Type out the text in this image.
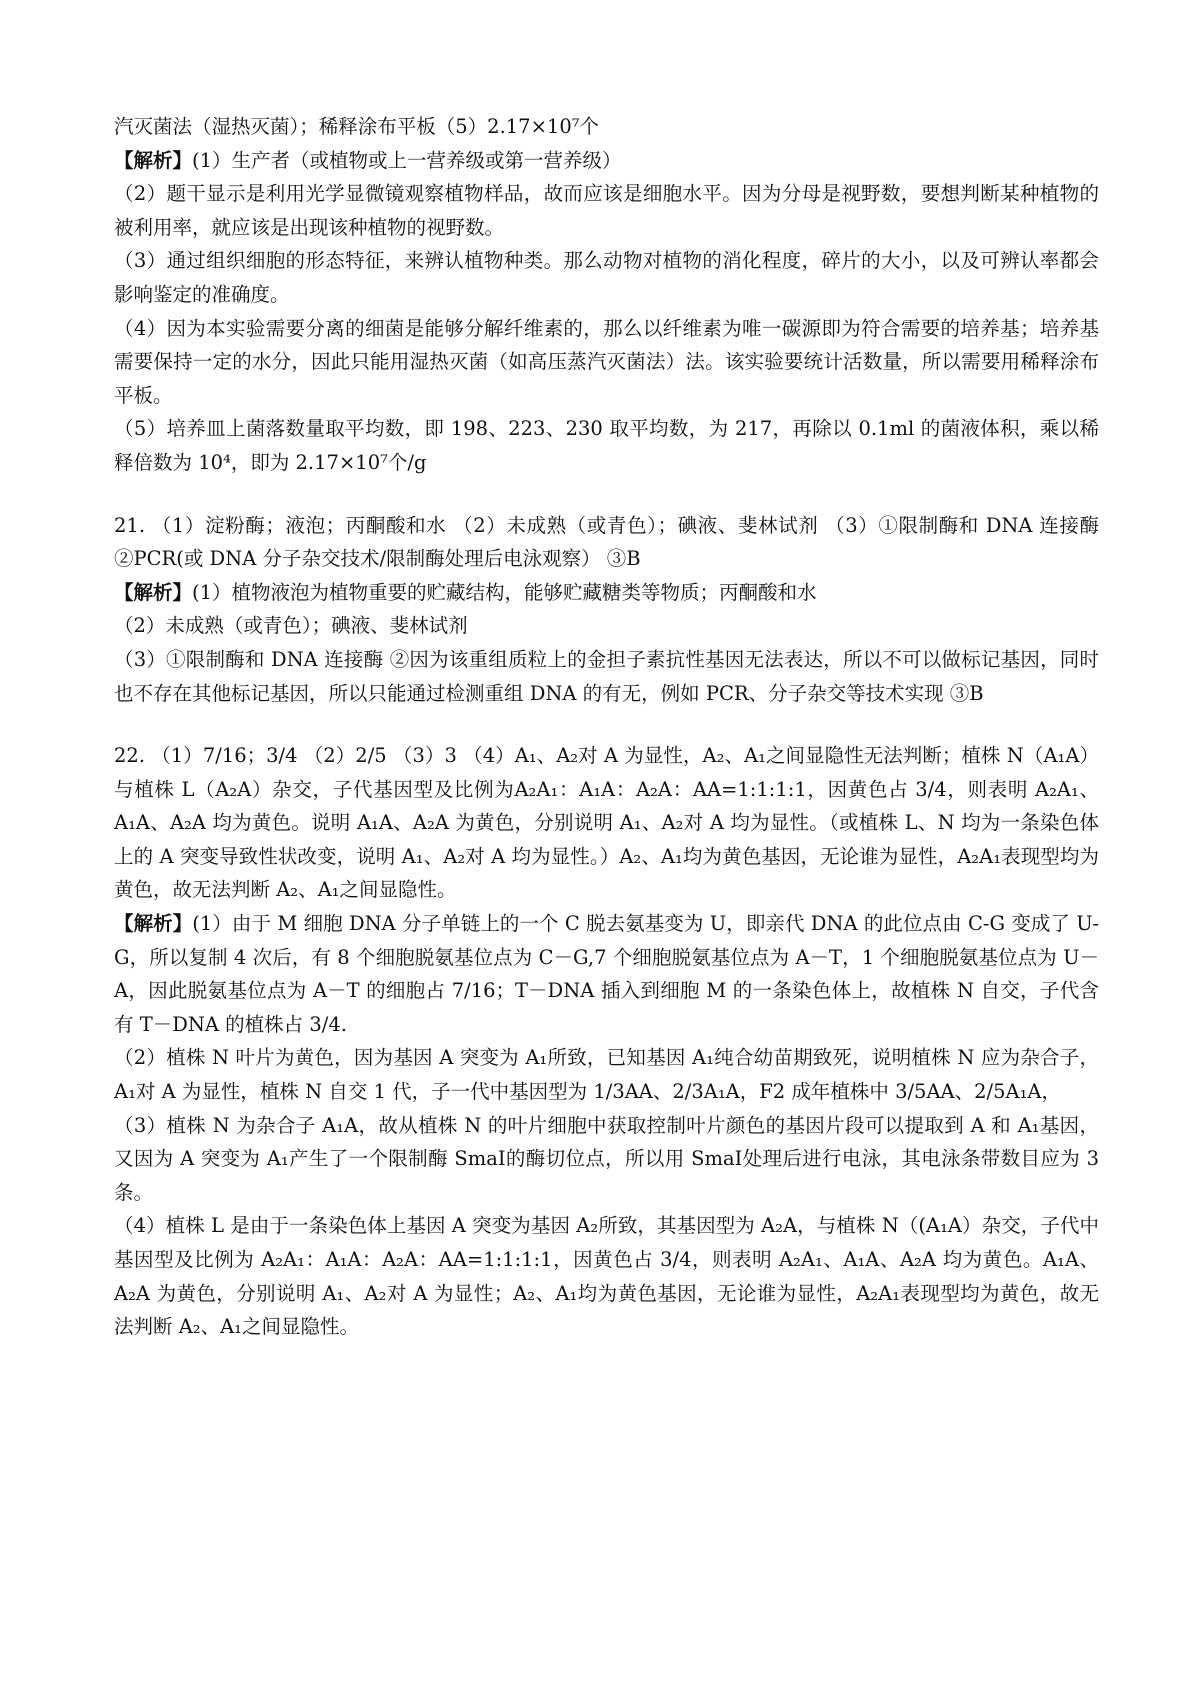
汽灭菌法（湿热灭菌）；稀释涂布平板（5）2.17×10⁷个

【解析】(1）生产者（或植物或上一营养级或第一营养级）

（2）题干显示是利用光学显微镜观察植物样品，故而应该是细胞水平。因为分母是视野数，要想判断某种植物的被利用率，就应该是出现该种植物的视野数。

（3）通过组织细胞的形态特征，来辨认植物种类。那么动物对植物的消化程度，碎片的大小，以及可辨认率都会影响鉴定的准确度。

（4）因为本实验需要分离的细菌是能够分解纤维素的，那么以纤维素为唯一碳源即为符合需要的培养基；培养基需要保持一定的水分，因此只能用湿热灭菌（如高压蒸汽灭菌法）法。该实验要统计活数量，所以需要用稀释涂布平板。

（5）培养皿上菌落数量取平均数，即 198、223、230 取平均数，为 217，再除以 0.1ml 的菌液体积，乘以稀释倍数为 10⁴，即为 2.17×10⁷个/g

21. （1）淀粉酶；液泡；丙酮酸和水 （2）未成熟（或青色）；碘液、斐林试剂 （3）①限制酶和 DNA 连接酶 ②PCR(或 DNA 分子杂交技术/限制酶处理后电泳观察） ③B

【解析】(1）植物液泡为植物重要的贮藏结构，能够贮藏糖类等物质；丙酮酸和水

（2）未成熟（或青色）；碘液、斐林试剂

（3）①限制酶和 DNA 连接酶 ②因为该重组质粒上的金担子素抗性基因无法表达，所以不可以做标记基因，同时也不存在其他标记基因，所以只能通过检测重组 DNA 的有无，例如 PCR、分子杂交等技术实现 ③B

22. （1）7/16；3/4 （2）2/5 （3）3 （4）A₁、A₂对 A 为显性，A₂、A₁之间显隐性无法判断；植株 N（A₁A）与植株 L（A₂A）杂交，子代基因型及比例为A₂A₁：A₁A：A₂A：AA=1:1:1:1，因黄色占 3/4，则表明 A₂A₁、A₁A、A₂A 均为黄色。说明 A₁A、A₂A 为黄色，分别说明 A₁、A₂对 A 均为显性。（或植株 L、N 均为一条染色体上的 A 突变导致性状改变，说明 A₁、A₂对 A 均为显性。）A₂、A₁均为黄色基因，无论谁为显性，A₂A₁表现型均为黄色，故无法判断 A₂、A₁之间显隐性。

【解析】(1）由于 M 细胞 DNA 分子单链上的一个 C 脱去氨基变为 U，即亲代 DNA 的此位点由 C-G 变成了 U-G，所以复制 4 次后，有 8 个细胞脱氨基位点为 C－G,7 个细胞脱氨基位点为 A－T，1 个细胞脱氨基位点为 U－A，因此脱氨基位点为 A－T 的细胞占 7/16；T－DNA 插入到细胞 M 的一条染色体上，故植株 N 自交，子代含有 T－DNA 的植株占 3/4.

（2）植株 N 叶片为黄色，因为基因 A 突变为 A₁所致，已知基因 A₁纯合幼苗期致死，说明植株 N 应为杂合子，A₁对 A 为显性，植株 N 自交 1 代，子一代中基因型为 1/3AA、2/3A₁A，F2 成年植株中 3/5AA、2/5A₁A，

（3）植株 N 为杂合子 A₁A，故从植株 N 的叶片细胞中获取控制叶片颜色的基因片段可以提取到 A 和 A₁基因，又因为 A 突变为 A₁产生了一个限制酶 SmaI的酶切位点，所以用 SmaI处理后进行电泳，其电泳条带数目应为 3 条。

（4）植株 L 是由于一条染色体上基因 A 突变为基因 A₂所致，其基因型为 A₂A，与植株 N（(A₁A）杂交，子代中基因型及比例为 A₂A₁：A₁A：A₂A：AA=1:1:1:1，因黄色占 3/4，则表明 A₂A₁、A₁A、A₂A 均为黄色。A₁A、A₂A 为黄色，分别说明 A₁、A₂对 A 为显性；A₂、A₁均为黄色基因，无论谁为显性，A₂A₁表现型均为黄色，故无法判断 A₂、A₁之间显隐性。
